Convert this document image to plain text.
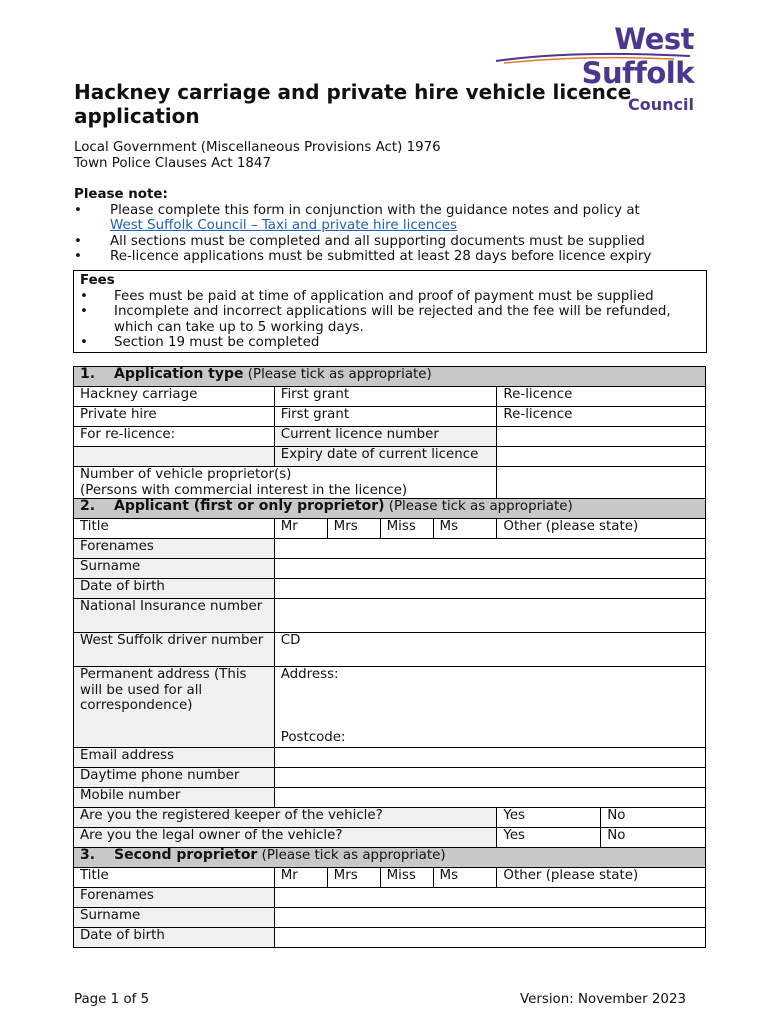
West Suffolk
Council
Hackney carriage and private hire vehicle licence application
Local Government (Miscellaneous Provisions Act) 1976
Town Police Clauses Act 1847
Please note:
• Please complete this form in conjunction with the guidance notes and policy at
West Suffolk Council – Taxi and private hire licences
• All sections must be completed and all supporting documents must be supplied
• Re-licence applications must be submitted at least 28 days before licence expiry
Fees
• Fees must be paid at time of application and proof of payment must be supplied
• Incomplete and incorrect applications will be rejected and the fee will be refunded, which can take up to 5 working days.
• Section 19 must be completed
1. Application type (Please tick as appropriate)						
Hackney carriage	First grant				Re-licence	
Private hire	First grant				Re-licence	
For re-licence:	Current licence number					
	Expiry date of current licence					
Number of vehicle proprietor(s)
(Persons with commercial interest in the licence)						
2. Applicant (first or only proprietor) (Please tick as appropriate)						
Title	Mr	Mrs	Miss	Ms	Other (please state)	
Forenames						
Surname						
Date of birth						
National Insurance number						
West Suffolk driver number	CD					
Permanent address (This will be used for all correspondence)	Address:
Postcode:					

Email address						
Daytime phone number						
Mobile number						
Are you the registered keeper of the vehicle?					Yes	No
Are you the legal owner of the vehicle?					Yes	No
3. Second proprietor (Please tick as appropriate)						
Title	Mr	Mrs	Miss	Ms	Other (please state)	
Forenames						
Surname						
Date of birth						
Page 1 of 5	Version: November 2023
